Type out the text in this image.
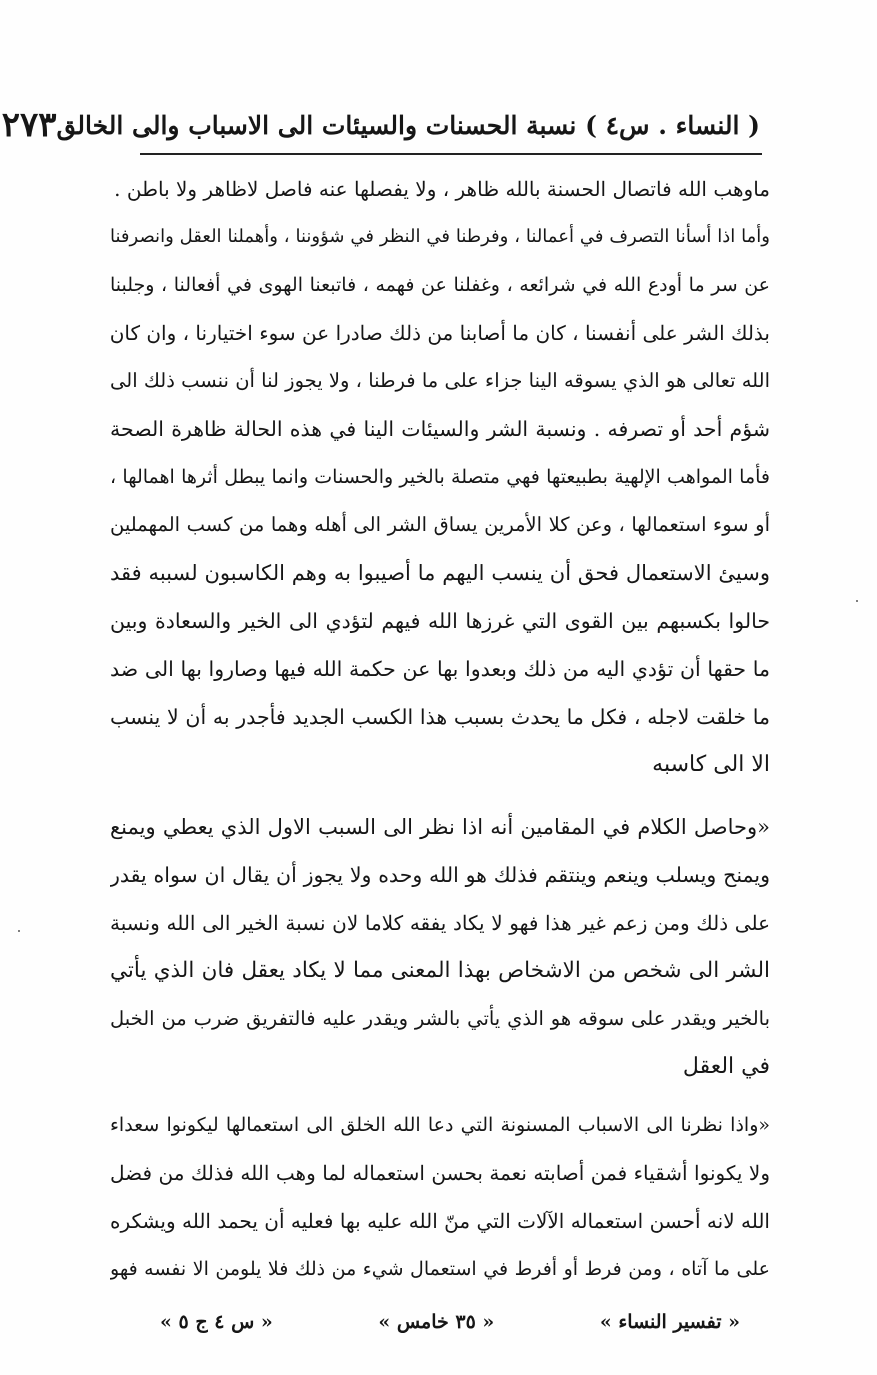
( النساء . س٤ ) نسبة الحسنات والسيئات الى الاسباب والى الخالق
٢٧٣
ماوهب الله فاتصال الحسنة بالله ظاهر ، ولا يفصلها عنه فاصل لاظاهر ولا باطن .
وأما اذا أسأنا التصرف في أعمالنا ، وفرطنا في النظر في شؤوننا ، وأهملنا العقل وانصرفنا
عن سر ما أودع الله في شرائعه ، وغفلنا عن فهمه ، فاتبعنا الهوى في أفعالنا ، وجلبنا
بذلك الشر على أنفسنا ، كان ما أصابنا من ذلك صادرا عن سوء اختيارنا ، وان كان
الله تعالى هو الذي يسوقه الينا جزاء على ما فرطنا ، ولا يجوز لنا أن ننسب ذلك الى
شؤم أحد أو تصرفه . ونسبة الشر والسيئات الينا في هذه الحالة ظاهرة الصحة
فأما المواهب الإلهية بطبيعتها فهي متصلة بالخير والحسنات وانما يبطل أثرها اهمالها ،
أو سوء استعمالها ، وعن كلا الأمرين يساق الشر الى أهله وهما من كسب المهملين
وسيئ الاستعمال فحق أن ينسب اليهم ما أصيبوا به وهم الكاسبون لسببه فقد
حالوا بكسبهم بين القوى التي غرزها الله فيهم لتؤدي الى الخير والسعادة وبين
ما حقها أن تؤدي اليه من ذلك وبعدوا بها عن حكمة الله فيها وصاروا بها الى ضد
ما خلقت لاجله ، فكل ما يحدث بسبب هذا الكسب الجديد فأجدر به أن لا ينسب
الا الى كاسبه
«وحاصل الكلام في المقامين أنه اذا نظر الى السبب الاول الذي يعطي ويمنع
ويمنح ويسلب وينعم وينتقم فذلك هو الله وحده ولا يجوز أن يقال ان سواه يقدر
على ذلك ومن زعم غير هذا فهو لا يكاد يفقه كلاما لان نسبة الخير الى الله ونسبة
الشر الى شخص من الاشخاص بهذا المعنى مما لا يكاد يعقل فان الذي يأتي
بالخير ويقدر على سوقه هو الذي يأتي بالشر ويقدر عليه فالتفريق ضرب من الخبل
في العقل
«واذا نظرنا الى الاسباب المسنونة التي دعا الله الخلق الى استعمالها ليكونوا سعداء
ولا يكونوا أشقياء فمن أصابته نعمة بحسن استعماله لما وهب الله فذلك من فضل
الله لانه أحسن استعماله الآلات التي منّ الله عليه بها فعليه أن يحمد الله ويشكره
على ما آتاه ، ومن فرط أو أفرط في استعمال شيء من ذلك فلا يلومن الا نفسه فهو
« تفسير النساء »
« ٣٥ خامس »
« س ٤ ج ٥ »
